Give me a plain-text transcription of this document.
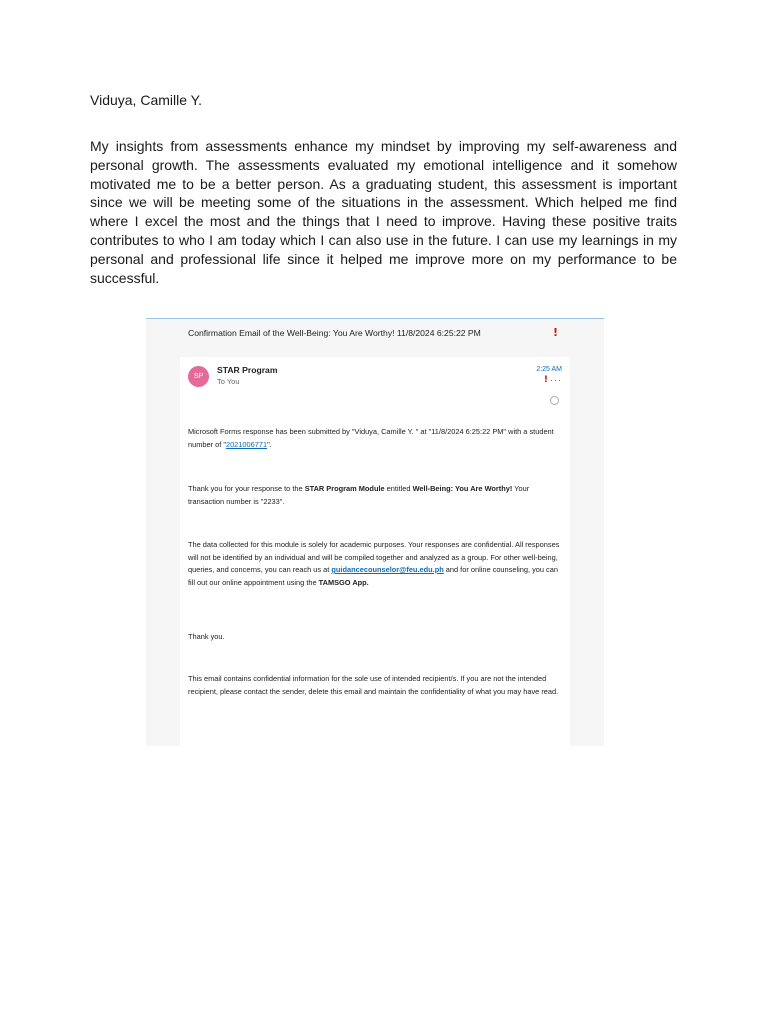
Viduya, Camille Y.

My insights from assessments enhance my mindset by improving my self-awareness and personal growth. The assessments evaluated my emotional intelligence and it somehow motivated me to be a better person. As a graduating student, this assessment is important since we will be meeting some of the situations in the assessment. Which helped me find where I excel the most and the things that I need to improve. Having these positive traits contributes to who I am today which I can also use in the future. I can use my learnings in my personal and professional life since it helped me improve more on my performance to be successful.

Confirmation Email of the Well-Being: You Are Worthy! 11/8/2024 6:25:22 PM	!
SP
STAR Program
To You
2:25 AM
! ···

Microsoft Forms response has been submitted by "Viduya, Camille Y. " at "11/8/2024 6:25:22 PM" with a student number of "2021006771".

Thank you for your response to the STAR Program Module entitled Well-Being: You Are Worthy! Your transaction number is "2233".

The data collected for this module is solely for academic purposes. Your responses are confidential. All responses will not be identified by an individual and will be compiled together and analyzed as a group. For other well-being, queries, and concerns, you can reach us at guidancecounselor@feu.edu.ph and for online counseling, you can fill out our online appointment using the TAMSGO App.

Thank you.

This email contains confidential information for the sole use of intended recipient/s. If you are not the intended recipient, please contact the sender, delete this email and maintain the confidentiality of what you may have read.
